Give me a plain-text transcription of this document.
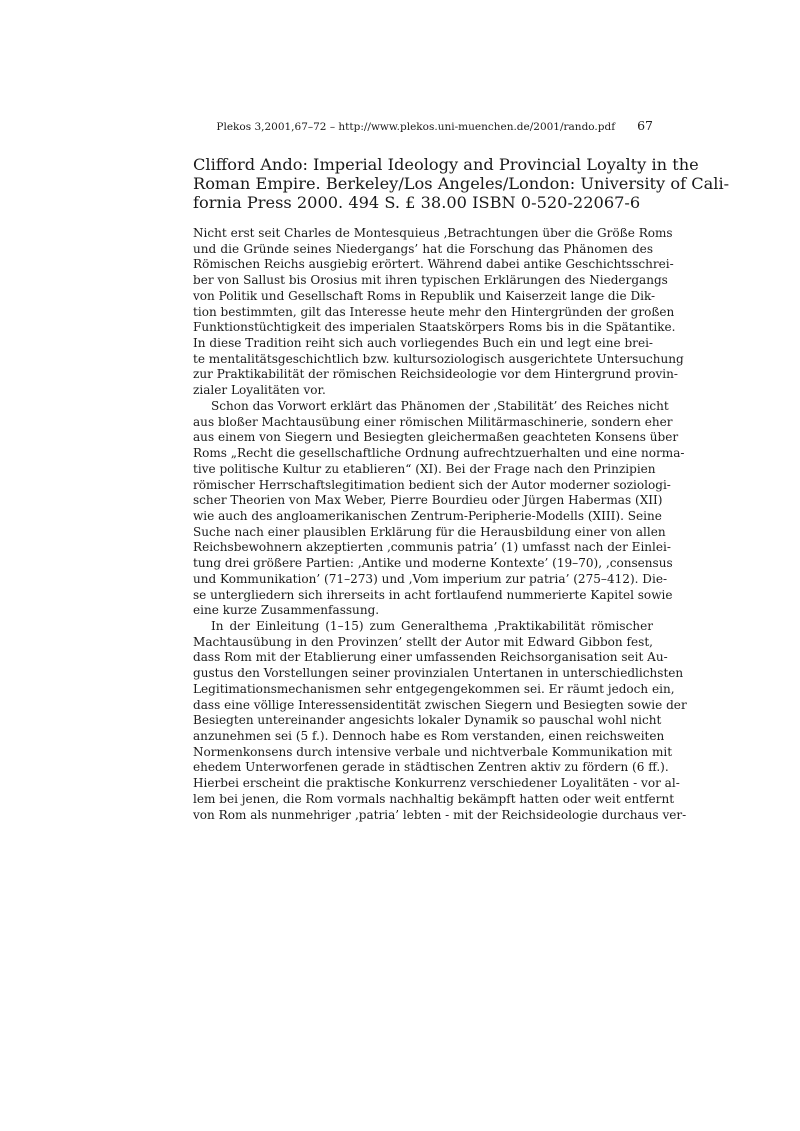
Plekos 3,2001,67–72 – http://www.plekos.uni-muenchen.de/2001/rando.pdf 67
Clifford Ando: Imperial Ideology and Provincial Loyalty in the
Roman Empire. Berkeley/Los Angeles/London: University of Cali-
fornia Press 2000. 494 S. £ 38.00 ISBN 0-520-22067-6
Nicht erst seit Charles de Montesquieus ‚Betrachtungen über die Größe Roms
und die Gründe seines Niedergangs’ hat die Forschung das Phänomen des
Römischen Reichs ausgiebig erörtert. Während dabei antike Geschichtsschrei-
ber von Sallust bis Orosius mit ihren typischen Erklärungen des Niedergangs
von Politik und Gesellschaft Roms in Republik und Kaiserzeit lange die Dik-
tion bestimmten, gilt das Interesse heute mehr den Hintergründen der großen
Funktionstüchtigkeit des imperialen Staatskörpers Roms bis in die Spätantike.
In diese Tradition reiht sich auch vorliegendes Buch ein und legt eine brei-
te mentalitätsgeschichtlich bzw. kultursoziologisch ausgerichtete Untersuchung
zur Praktikabilität der römischen Reichsideologie vor dem Hintergrund provin-
zialer Loyalitäten vor.
Schon das Vorwort erklärt das Phänomen der ‚Stabilität’ des Reiches nicht
aus bloßer Machtausübung einer römischen Militärmaschinerie, sondern eher
aus einem von Siegern und Besiegten gleichermaßen geachteten Konsens über
Roms „Recht die gesellschaftliche Ordnung aufrechtzuerhalten und eine norma-
tive politische Kultur zu etablieren“ (XI). Bei der Frage nach den Prinzipien
römischer Herrschaftslegitimation bedient sich der Autor moderner soziologi-
scher Theorien von Max Weber, Pierre Bourdieu oder Jürgen Habermas (XII)
wie auch des angloamerikanischen Zentrum-Peripherie-Modells (XIII). Seine
Suche nach einer plausiblen Erklärung für die Herausbildung einer von allen
Reichsbewohnern akzeptierten ‚communis patria’ (1) umfasst nach der Einlei-
tung drei größere Partien: ‚Antike und moderne Kontexte’ (19–70), ‚consensus
und Kommunikation’ (71–273) und ‚Vom imperium zur patria’ (275–412). Die-
se untergliedern sich ihrerseits in acht fortlaufend nummerierte Kapitel sowie
eine kurze Zusammenfassung.
In der Einleitung (1–15) zum Generalthema ‚Praktikabilität römischer
Machtausübung in den Provinzen’ stellt der Autor mit Edward Gibbon fest,
dass Rom mit der Etablierung einer umfassenden Reichsorganisation seit Au-
gustus den Vorstellungen seiner provinzialen Untertanen in unterschiedlichsten
Legitimationsmechanismen sehr entgegengekommen sei. Er räumt jedoch ein,
dass eine völlige Interessensidentität zwischen Siegern und Besiegten sowie der
Besiegten untereinander angesichts lokaler Dynamik so pauschal wohl nicht
anzunehmen sei (5 f.). Dennoch habe es Rom verstanden, einen reichsweiten
Normenkonsens durch intensive verbale und nichtverbale Kommunikation mit
ehedem Unterworfenen gerade in städtischen Zentren aktiv zu fördern (6 ff.).
Hierbei erscheint die praktische Konkurrenz verschiedener Loyalitäten - vor al-
lem bei jenen, die Rom vormals nachhaltig bekämpft hatten oder weit entfernt
von Rom als nunmehriger ‚patria’ lebten - mit der Reichsideologie durchaus ver-
